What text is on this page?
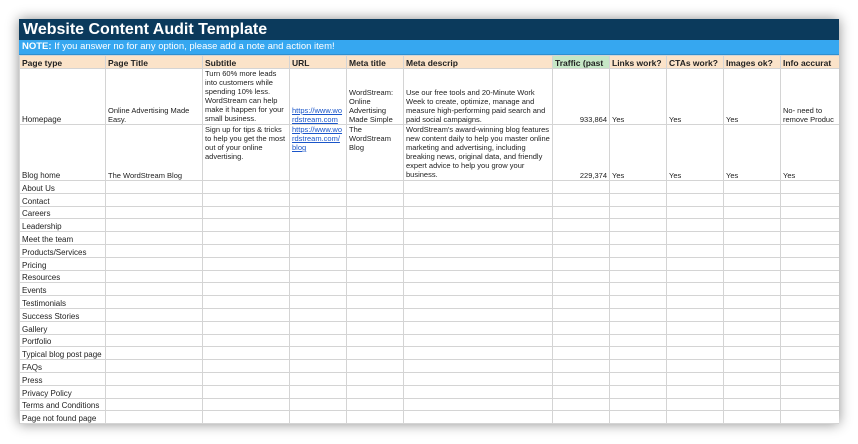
Website Content Audit Template
NOTE: If you answer no for any option, please add a note and action item!
Page type	Page Title	Subtitle	URL	Meta title	Meta descrip	Traffic (past	Links work?	CTAs work?	Images ok?	Info accurat
Homepage	Online Advertising Made Easy.	Turn 60% more leads into customers while spending 10% less. WordStream can help make it happen for your small business.	https://www.wordstream.com	WordStream: Online Advertising Made Simple	Use our free tools and 20-Minute Work Week to create, optimize, manage and measure high-performing paid search and paid social campaigns.	933,864	Yes	Yes	Yes	No- need to remove Produc
Blog home	The WordStream Blog	Sign up for tips & tricks to help you get the most out of your online advertising.	https://www.wordstream.com/blog	The WordStream Blog	WordStream's award-winning blog features new content daily to help you master online marketing and advertising, including breaking news, original data, and friendly expert advice to help you grow your business.	229,374	Yes	Yes	Yes	Yes
About Us										
Contact										
Careers										
Leadership										
Meet the team										
Products/Services										
Pricing										
Resources										
Events										
Testimonials										
Success Stories										
Gallery										
Portfolio										
Typical blog post page										
FAQs										
Press										
Privacy Policy										
Terms and Conditions										
Page not found page										
